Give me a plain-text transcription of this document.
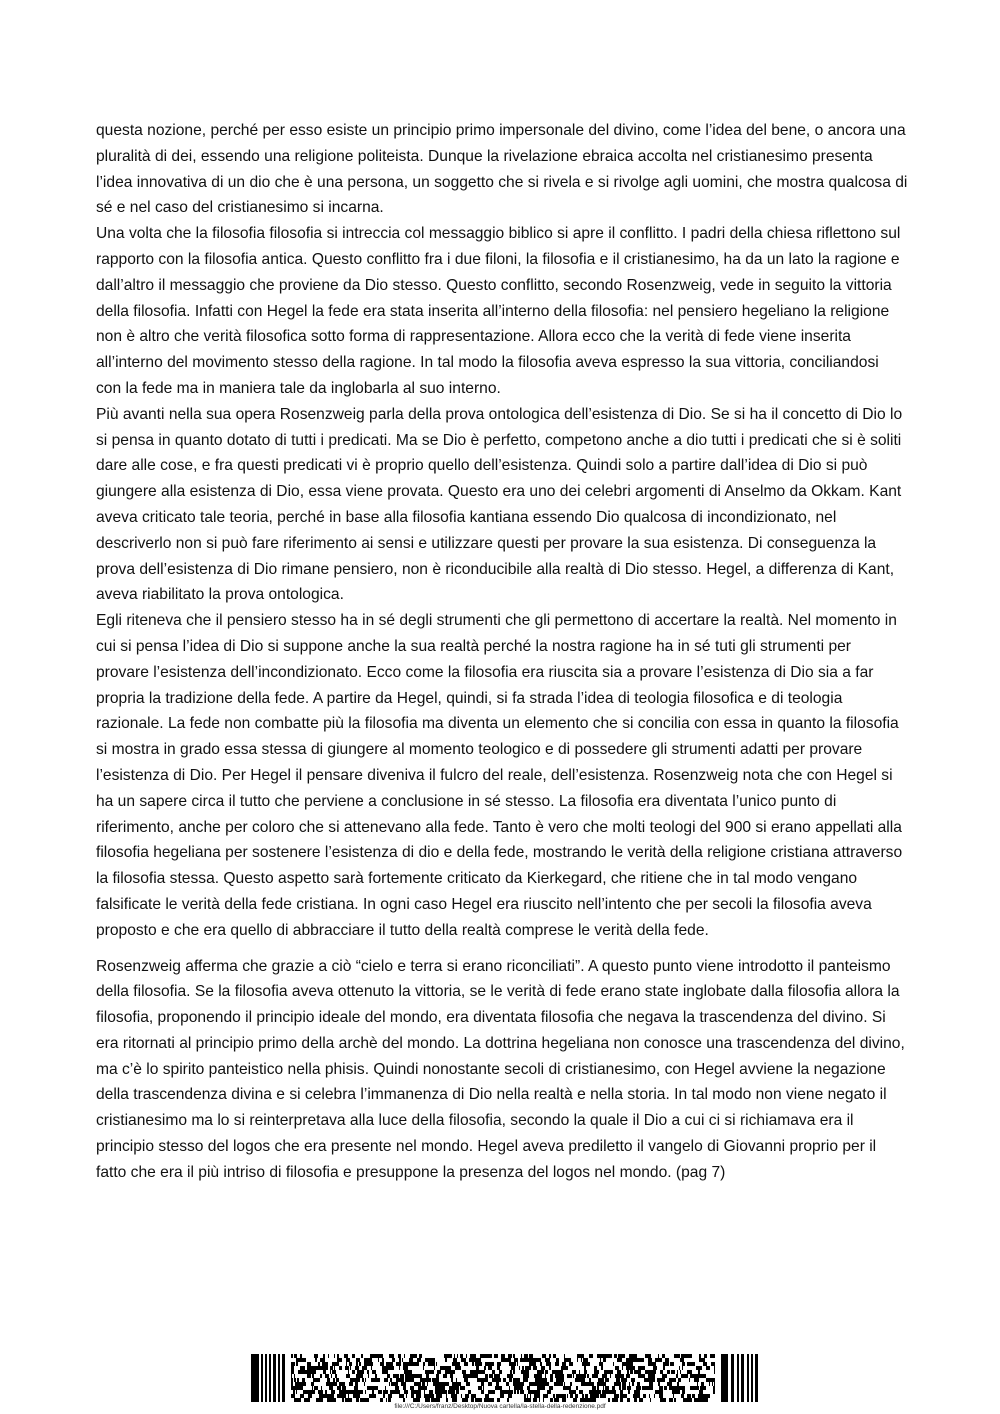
questa nozione, perché per esso esiste un principio primo impersonale del divino, come l’idea del bene, o ancora una pluralità di dei, essendo una religione politeista. Dunque la rivelazione ebraica accolta nel cristianesimo presenta l’idea innovativa di un dio che è una persona, un soggetto che si rivela e si rivolge agli uomini, che mostra qualcosa di sé e nel caso del cristianesimo si incarna.

Una volta che la filosofia filosofia si intreccia col messaggio biblico si apre il conflitto. I padri della chiesa riflettono sul rapporto con la filosofia antica. Questo conflitto fra i due filoni, la filosofia e il cristianesimo, ha da un lato la ragione e dall’altro il messaggio che proviene da Dio stesso. Questo conflitto, secondo Rosenzweig, vede in seguito la vittoria della filosofia. Infatti con Hegel la fede era stata inserita all’interno della filosofia: nel pensiero hegeliano la religione non è altro che verità filosofica sotto forma di rappresentazione. Allora ecco che la verità di fede viene inserita all’interno del movimento stesso della ragione. In tal modo la filosofia aveva espresso la sua vittoria, conciliandosi con la fede ma in maniera tale da inglobarla al suo interno.

Più avanti nella sua opera Rosenzweig parla della prova ontologica dell’esistenza di Dio. Se si ha il concetto di Dio lo si pensa in quanto dotato di tutti i predicati. Ma se Dio è perfetto, competono anche a dio tutti i predicati che si è soliti dare alle cose, e fra questi predicati vi è proprio quello dell’esistenza. Quindi solo a partire dall’idea di Dio si può giungere alla esistenza di Dio, essa viene provata. Questo era uno dei celebri argomenti di Anselmo da Okkam. Kant aveva criticato tale teoria, perché in base alla filosofia kantiana essendo Dio qualcosa di incondizionato, nel descriverlo non si può fare riferimento ai sensi e utilizzare questi per provare la sua esistenza. Di conseguenza la prova dell’esistenza di Dio rimane pensiero, non è riconducibile alla realtà di Dio stesso. Hegel, a differenza di Kant, aveva riabilitato la prova ontologica.

Egli riteneva che il pensiero stesso ha in sé degli strumenti che gli permettono di accertare la realtà. Nel momento in cui si pensa l’idea di Dio si suppone anche la sua realtà perché la nostra ragione ha in sé tuti gli strumenti per provare l’esistenza dell’incondizionato. Ecco come la filosofia era riuscita sia a provare l’esistenza di Dio sia a far propria la tradizione della fede. A partire da Hegel, quindi, si fa strada l’idea di teologia filosofica e di teologia razionale. La fede non combatte più la filosofia ma diventa un elemento che si concilia con essa in quanto la filosofia si mostra in grado essa stessa di giungere al momento teologico e di possedere gli strumenti adatti per provare l’esistenza di Dio. Per Hegel il pensare diveniva il fulcro del reale, dell’esistenza. Rosenzweig nota che con Hegel si ha un sapere circa il tutto che perviene a conclusione in sé stesso. La filosofia era diventata l’unico punto di riferimento, anche per coloro che si attenevano alla fede. Tanto è vero che molti teologi del 900 si erano appellati alla filosofia hegeliana per sostenere l’esistenza di dio e della fede, mostrando le verità della religione cristiana attraverso la filosofia stessa. Questo aspetto sarà fortemente criticato da Kierkegard, che ritiene che in tal modo vengano falsificate le verità della fede cristiana. In ogni caso Hegel era riuscito nell’intento che per secoli la filosofia aveva proposto e che era quello di abbracciare il tutto della realtà comprese le verità della fede.

Rosenzweig afferma che grazie a ciò “cielo e terra si erano riconciliati”. A questo punto viene introdotto il panteismo della filosofia. Se la filosofia aveva ottenuto la vittoria, se le verità di fede erano state inglobate dalla filosofia allora la filosofia, proponendo il principio ideale del mondo, era diventata filosofia che negava la trascendenza del divino. Si era ritornati al principio primo della archè del mondo. La dottrina hegeliana non conosce una trascendenza del divino, ma c’è lo spirito panteistico nella phisis. Quindi nonostante secoli di cristianesimo, con Hegel avviene la negazione della trascendenza divina e si celebra l’immanenza di Dio nella realtà e nella storia. In tal modo non viene negato il cristianesimo ma lo si reinterpretava alla luce della filosofia, secondo la quale il Dio a cui ci si richiamava era il principio stesso del logos che era presente nel mondo. Hegel aveva prediletto il vangelo di Giovanni proprio per il fatto che era il più intriso di filosofia e presuppone la presenza del logos nel mondo. (pag 7)

file:///C:/Users/franz/Desktop/Nuova cartella/la-stella-della-redenzione.pdf
